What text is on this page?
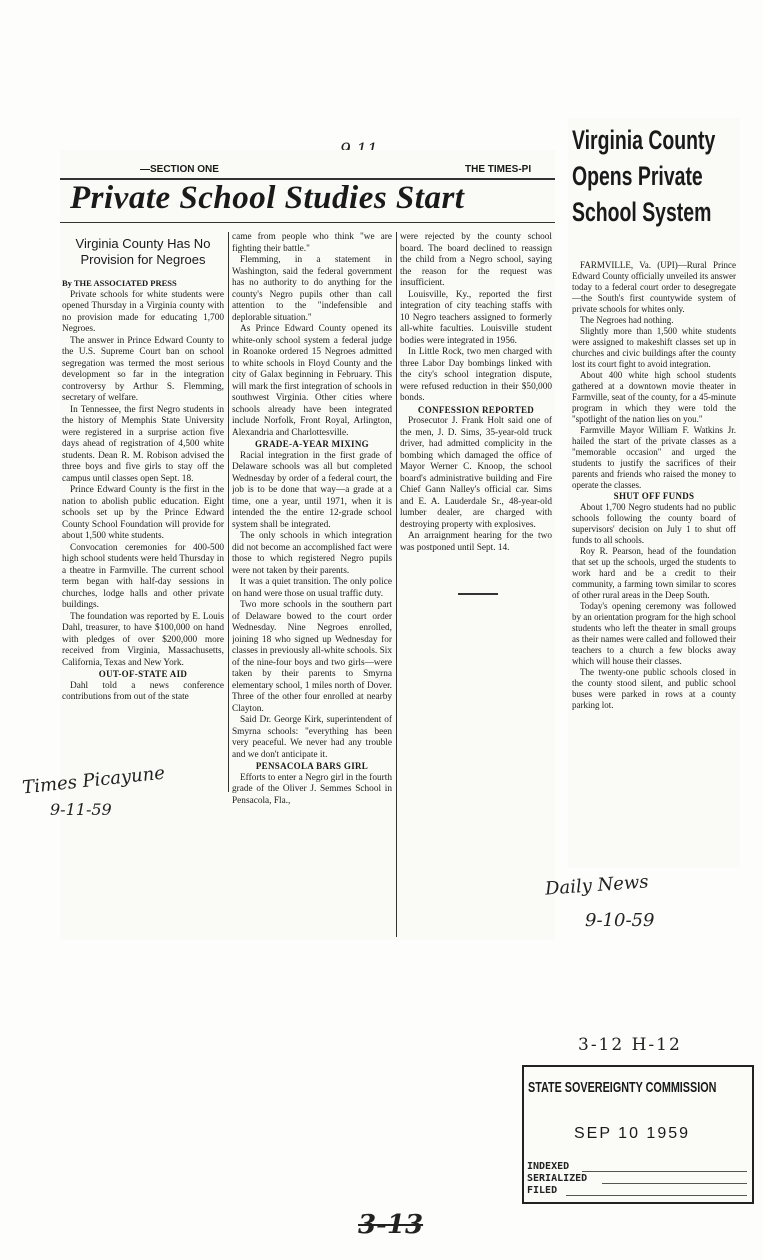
—SECTION ONE	THE TIMES-PI
Private School Studies Start
Virginia County Has No Provision for Negroes

By THE ASSOCIATED PRESS

Private schools for white students were opened Thursday in a Virginia county with no provision made for educating 1,700 Negroes.

The answer in Prince Edward County to the U.S. Supreme Court ban on school segregation was termed the most serious development so far in the integration controversy by Arthur S. Flemming, secretary of welfare.

In Tennessee, the first Negro students in the history of Memphis State University were registered in a surprise action five days ahead of registration of 4,500 white students. Dean R. M. Robison advised the three boys and five girls to stay off the campus until classes open Sept. 18.

Prince Edward County is the first in the nation to abolish public education. Eight schools set up by the Prince Edward County School Foundation will provide for about 1,500 white students.

Convocation ceremonies for 400-500 high school students were held Thursday in a theatre in Farmville. The current school term began with half-day sessions in churches, lodge halls and other private buildings.

The foundation was reported by E. Louis Dahl, treasurer, to have $100,000 on hand with pledges of over $200,000 more received from Virginia, Massachusetts, California, Texas and New York.

OUT-OF-STATE AID

Dahl told a news conference contributions from out of the state

came from people who think "we are fighting their battle."

Flemming, in a statement in Washington, said the federal government has no authority to do anything for the county's Negro pupils other than call attention to the "indefensible and deplorable situation."

As Prince Edward County opened its white-only school system a federal judge in Roanoke ordered 15 Negroes admitted to white schools in Floyd County and the city of Galax beginning in February. This will mark the first integration of schools in southwest Virginia. Other cities where schools already have been integrated include Norfolk, Front Royal, Arlington, Alexandria and Charlottesville.

GRADE-A-YEAR MIXING

Racial integration in the first grade of Delaware schools was all but completed Wednesday by order of a federal court, the job is to be done that way—a grade at a time, one a year, until 1971, when it is intended the the entire 12-grade school system shall be integrated.

The only schools in which integration did not become an accomplished fact were those to which registered Negro pupils were not taken by their parents.

It was a quiet transition. The only police on hand were those on usual traffic duty.

Two more schools in the southern part of Delaware bowed to the court order Wednesday. Nine Negroes enrolled, joining 18 who signed up Wednesday for classes in previously all-white schools. Six of the nine-four boys and two girls—were taken by their parents to Smyrna elementary school, 1 miles north of Dover. Three of the other four enrolled at nearby Clayton.

Said Dr. George Kirk, superintendent of Smyrna schools: "everything has been very peaceful. We never had any trouble and we don't anticipate it.

PENSACOLA BARS GIRL

Efforts to enter a Negro girl in the fourth grade of the Oliver J. Semmes School in Pensacola, Fla.,

were rejected by the county school board. The board declined to reassign the child from a Negro school, saying the reason for the request was insufficient.

Louisville, Ky., reported the first integration of city teaching staffs with 10 Negro teachers assigned to formerly all-white faculties. Louisville student bodies were integrated in 1956.

In Little Rock, two men charged with three Labor Day bombings linked with the city's school integration dispute, were refused reduction in their $50,000 bonds.

CONFESSION REPORTED

Prosecutor J. Frank Holt said one of the men, J. D. Sims, 35-year-old truck driver, had admitted complicity in the bombing which damaged the office of Mayor Werner C. Knoop, the school board's administrative building and Fire Chief Gann Nalley's official car. Sims and E. A. Lauderdale Sr., 48-year-old lumber dealer, are charged with destroying property with explosives.

An arraignment hearing for the two was postponed until Sept. 14.

Times Picayune
9-11-59
Virginia County Opens Private School System

FARMVILLE, Va. (UPI)—Rural Prince Edward County officially unveiled its answer today to a federal court order to desegregate —the South's first countywide system of private schools for whites only.

The Negroes had nothing.

Slightly more than 1,500 white students were assigned to makeshift classes set up in churches and civic buildings after the county lost its court fight to avoid integration.

About 400 white high school students gathered at a downtown movie theater in Farmville, seat of the county, for a 45-minute program in which they were told the "spotlight of the nation lies on you."

Farmville Mayor William F. Watkins Jr. hailed the start of the private classes as a "memorable occasion" and urged the students to justify the sacrifices of their parents and friends who raised the money to operate the classes.

SHUT OFF FUNDS

About 1,700 Negro students had no public schools following the county board of supervisors' decision on July 1 to shut off funds to all schools.

Roy R. Pearson, head of the foundation that set up the schools, urged the students to work hard and be a credit to their community, a farming town similar to scores of other rural areas in the Deep South.

Today's opening ceremony was followed by an orientation program for the high school students who left the theater in small groups as their names were called and followed their teachers to a church a few blocks away which will house their classes.

The twenty-one public schools closed in the county stood silent, and public school buses were parked in rows at a county parking lot.

Daily News
9-10-59
3-12 H-12
STATE SOVEREIGNTY COMMISSION
SEP 10 1959
INDEXED
SERIALIZED
FILED
3-13
